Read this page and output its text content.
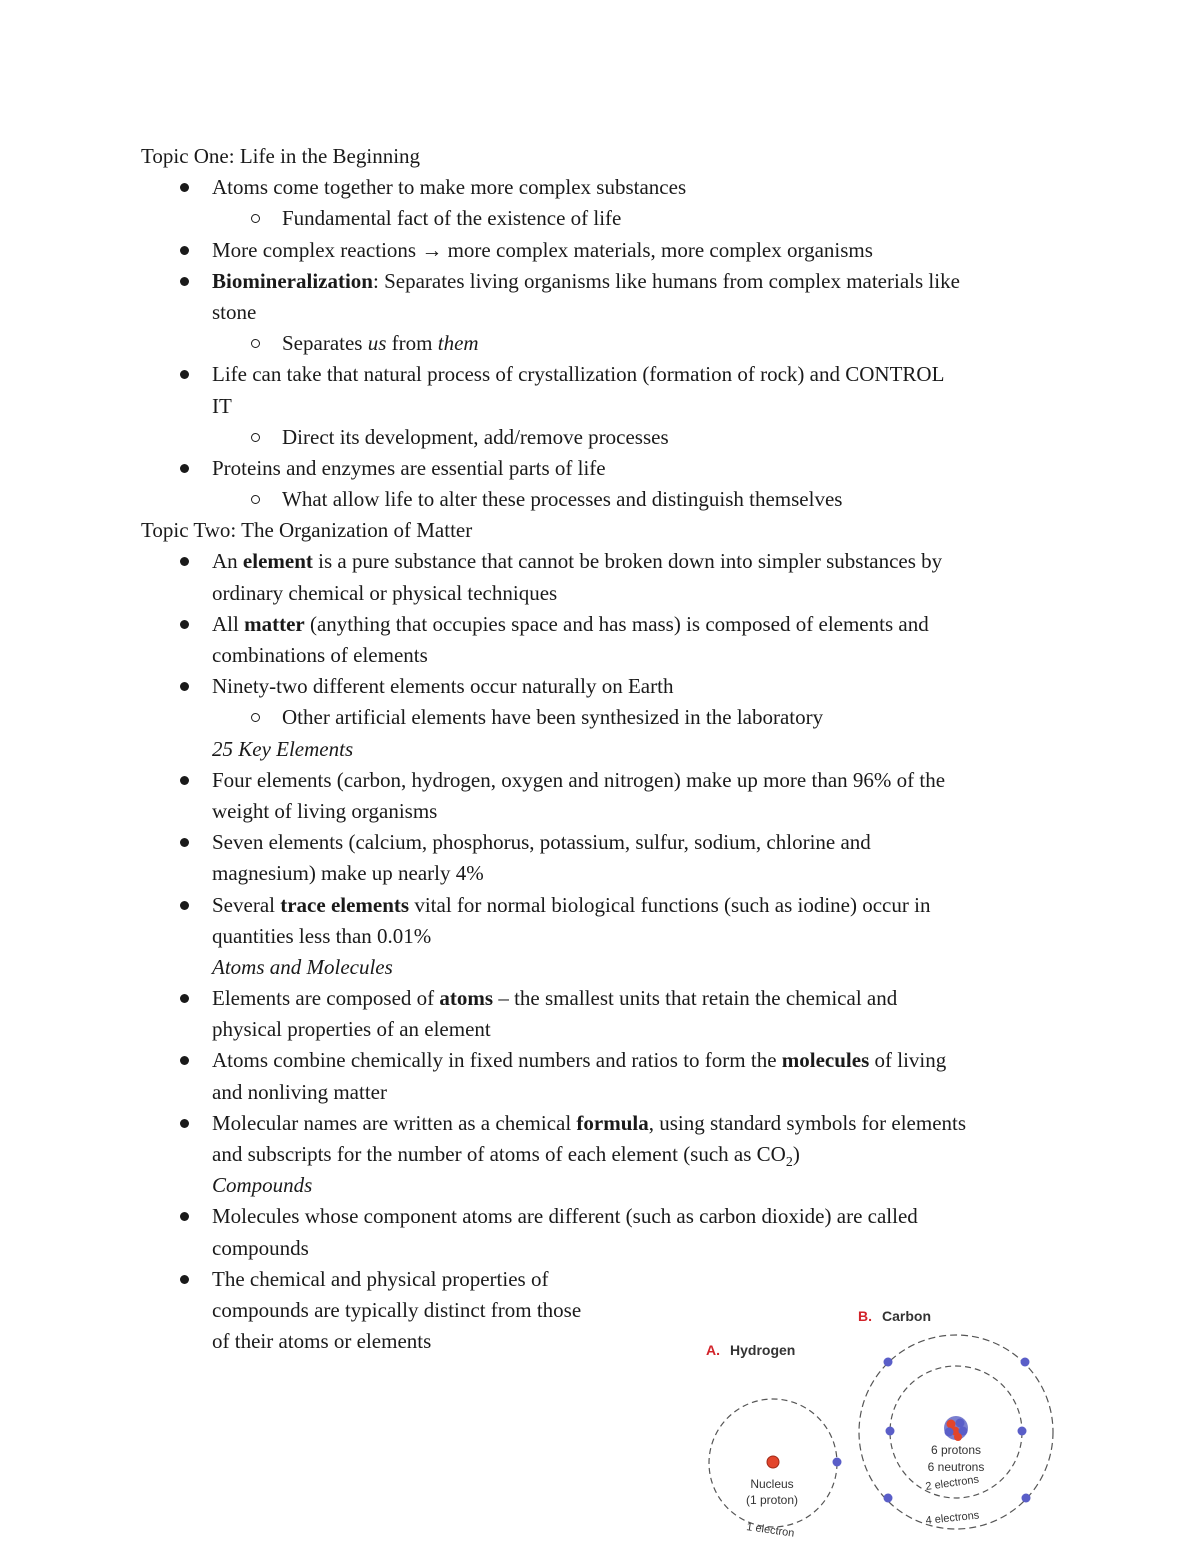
Topic One: Life in the Beginning
Atoms come together to make more complex substances
Fundamental fact of the existence of life
More complex reactions → more complex materials, more complex organisms
Biomineralization: Separates living organisms like humans from complex materials like
stone
Separates us from them
Life can take that natural process of crystallization (formation of rock) and CONTROL
IT
Direct its development, add/remove processes
Proteins and enzymes are essential parts of life
What allow life to alter these processes and distinguish themselves
Topic Two: The Organization of Matter
An element is a pure substance that cannot be broken down into simpler substances by
ordinary chemical or physical techniques
All matter (anything that occupies space and has mass) is composed of elements and
combinations of elements
Ninety-two different elements occur naturally on Earth
Other artificial elements have been synthesized in the laboratory
25 Key Elements
Four elements (carbon, hydrogen, oxygen and nitrogen) make up more than 96% of the
weight of living organisms
Seven elements (calcium, phosphorus, potassium, sulfur, sodium, chlorine and
magnesium) make up nearly 4%
Several trace elements vital for normal biological functions (such as iodine) occur in
quantities less than 0.01%
Atoms and Molecules
Elements are composed of atoms – the smallest units that retain the chemical and
physical properties of an element
Atoms combine chemically in fixed numbers and ratios to form the molecules of living
and nonliving matter
Molecular names are written as a chemical formula, using standard symbols for elements
and subscripts for the number of atoms of each element (such as $CO_2$)
Compounds
Molecules whose component atoms are different (such as carbon dioxide) are called
compounds
The chemical and physical properties of
compounds are typically distinct from those
of their atoms or elements	A. Hydrogen
Nucleus
(1 proton)
1 electron
B. Carbon
6 protons
6 neutrons
2 electrons
4 electrons
